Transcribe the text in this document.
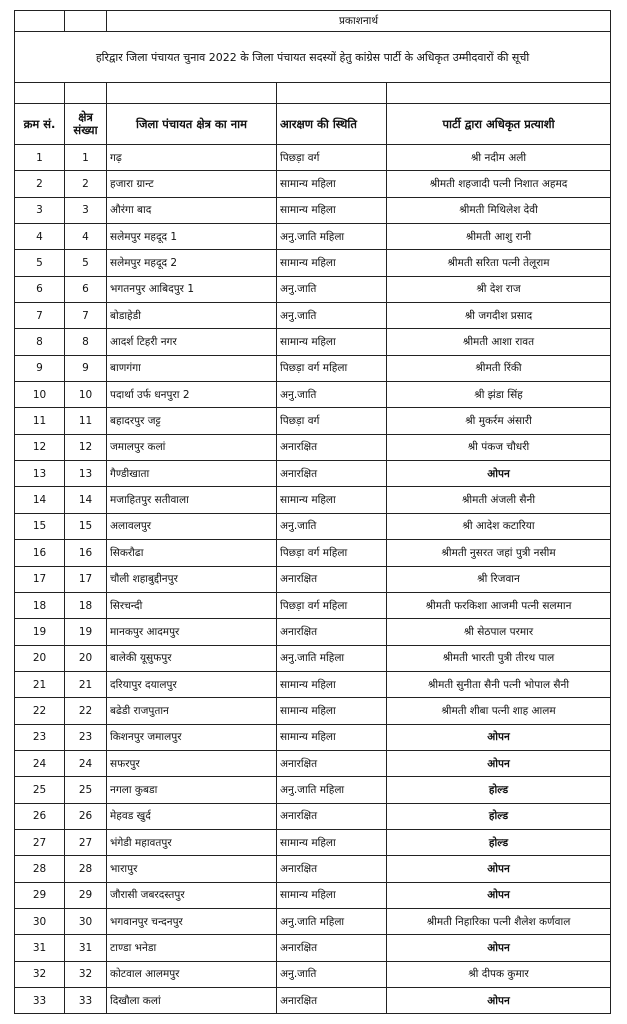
		प्रकाशनार्थ		
हरिद्वार जिला पंचायत चुनाव 2022 के जिला पंचायत सदस्यों हेतु कांग्रेस पार्टी के अधिकृत उम्मीदवारों की सूची				

क्रम सं.	क्षेत्र संख्या	जिला पंचायत क्षेत्र का नाम	आरक्षण की स्थिति	पार्टी द्वारा अधिकृत प्रत्याशी
1	1	गढ़	पिछड़ा वर्ग	श्री नदीम अली
2	2	हजारा ग्रान्ट	सामान्य महिला	श्रीमती शहजादी पत्नी निशात अहमद
3	3	औरंगा बाद	सामान्य महिला	श्रीमती मिथिलेश देवी
4	4	सलेमपुर महदूद 1	अनु.जाति महिला	श्रीमती आशु रानी
5	5	सलेमपुर महदूद 2	सामान्य महिला	श्रीमती सरिता पत्नी तेलूराम
6	6	भगतनपुर आबिदपुर 1	अनु.जाति	श्री देश राज
7	7	बोडाहेडी	अनु.जाति	श्री जगदीश प्रसाद
8	8	आदर्श टिहरी नगर	सामान्य महिला	श्रीमती आशा रावत
9	9	बाणगंगा	पिछड़ा वर्ग महिला	श्रीमती रिंकी
10	10	पदार्था उर्फ धनपुरा 2	अनु.जाति	श्री झंडा सिंह
11	11	बहादरपुर जट्ट	पिछड़ा वर्ग	श्री मुकर्रम अंसारी
12	12	जमालपुर कलां	अनारक्षित	श्री पंकज चौधरी
13	13	गैण्डीखाता	अनारक्षित	ओपन
14	14	मजाहितपुर सतीवाला	सामान्य महिला	श्रीमती अंजली सैनी
15	15	अलावलपुर	अनु.जाति	श्री आदेश कटारिया
16	16	सिकरौढा	पिछड़ा वर्ग महिला	श्रीमती नुसरत जहां पुत्री नसीम
17	17	चौली शहाबुद्दीनपुर	अनारक्षित	श्री रिजवान
18	18	सिरचन्दी	पिछड़ा वर्ग महिला	श्रीमती फरकिशा आजमी पत्नी सलमान
19	19	मानकपुर आदमपुर	अनारक्षित	श्री सेठपाल परमार
20	20	बालेकी यूसुफपुर	अनु.जाति महिला	श्रीमती भारती पुत्री तीरथ पाल
21	21	दरियापुर दयालपुर	सामान्य महिला	श्रीमती सुनीता सैनी पत्नी भोपाल सैनी
22	22	बढेडी राजपुतान	सामान्य महिला	श्रीमती शीबा पत्नी शाह आलम
23	23	किशनपुर जमालपुर	सामान्य महिला	ओपन
24	24	सफरपुर	अनारक्षित	ओपन
25	25	नगला कुबडा	अनु.जाति महिला	होल्ड
26	26	मेहवड खुर्द	अनारक्षित	होल्ड
27	27	भंगेडी महावतपुर	सामान्य महिला	होल्ड
28	28	भारापुर	अनारक्षित	ओपन
29	29	जौरासी जबरदस्तपुर	सामान्य महिला	ओपन
30	30	भगवानपुर चन्दनपुर	अनु.जाति महिला	श्रीमती निहारिका पत्नी शैलेश कर्णवाल
31	31	टाण्डा भनेडा	अनारक्षित	ओपन
32	32	कोटवाल आलमपुर	अनु.जाति	श्री दीपक कुमार
33	33	दिखौला कलां	अनारक्षित	ओपन
